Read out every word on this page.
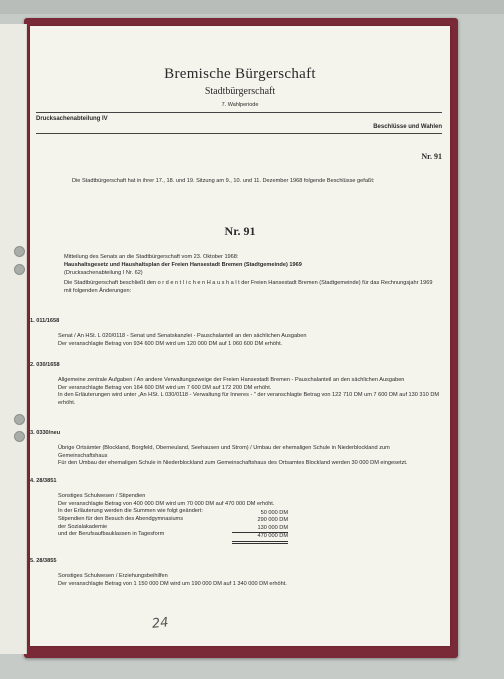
Bremische Bürgerschaft
Stadtbürgerschaft
7. Wahlperiode
Drucksachenabteilung IV
Beschlüsse und Wahlen
Nr. 91
Die Stadtbürgerschaft hat in ihrer 17., 18. und 19. Sitzung am 9., 10. und 11. Dezember 1968 folgende Beschlüsse gefaßt:
Nr. 91
Mitteilung des Senats an die Stadtbürgerschaft vom 23. Oktober 1968:
Haushaltsgesetz und Haushaltsplan der Freien Hansestadt Bremen (Stadtgemeinde) 1969
(Drucksachenabteilung I Nr. 62)
Die Stadtbürgerschaft beschließt den o r d e n t l i c h e n H a u s h a l t der Freien Hansestadt Bremen (Stadtgemeinde) für das Rechnungsjahr 1969 mit folgenden Änderungen:

1. 011/1658

Senat / An HSt. L 020/0118 - Senat und Senatskanzlei - Pauschalanteil an den sächlichen Ausgaben
Der veranschlagte Betrag von 934 600 DM wird um 120 000 DM auf 1 060 600 DM erhöht.

2. 030/1658

Allgemeine zentrale Aufgaben / An andere Verwaltungszweige der Freien Hansestadt Bremen - Pauschalanteil an den sächlichen Ausgaben
Der veranschlagte Betrag von 164 600 DM wird um 7 600 DM auf 172 200 DM erhöht.
In den Erläuterungen wird unter „An HSt. L 030/0118 - Verwaltung für Inneres - " der veranschlagte Betrag von 122 710 DM um 7 600 DM auf 130 310 DM erhöht.

3. 0330/neu

Übrige Ortsämter (Blockland, Borgfeld, Oberneuland, Seehausen und Strom) / Umbau der ehemaligen Schule in Niederblockland zum Gemeinschaftshaus
Für den Umbau der ehemaligen Schule in Niederblockland zum Gemeinschaftshaus des Ortsamtes Blockland werden 30 000 DM eingesetzt.

4. 28/3851

Sonstiges Schulwesen / Stipendien
Der veranschlagte Betrag von 400 000 DM wird um 70 000 DM auf 470 000 DM erhöht.
In der Erläuterung werden die Summen wie folgt geändert:
Stipendien für den Besuch des Abendgymnasiums
der Sozialakademie
und der Berufsaufbauklassen in Tagesform

50 000 DM
290 000 DM
130 000 DM
470 000 DM

5. 28/3855

Sonstiges Schulwesen / Erziehungsbeihilfen
Der veranschlagte Betrag von 1 150 000 DM wird um 190 000 DM auf 1 340 000 DM erhöht.

24
